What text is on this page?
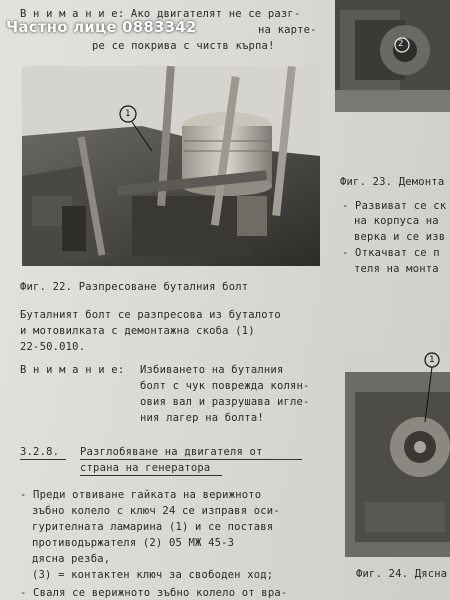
В н и м а н и е: Ако двигателят не се разг-
на картe-
рe се покрива с чиств кърпа!
Частно лице 0883342
2
1
Фиг. 22. Разпресоване буталния болт
Фиг. 23. Демонта
- Развиват се ск
на корпуса на
верка и се изв
- Откачват се п
теля на монта
Буталният болт се разпресова из буталото
и мотовилката с демонтажна скоба (1)
22-50.010.
В н и м а н и е: Избиването на буталния
болт с чук поврежда колян-
овия вал и разрушава игле-
ния лагер на болта!
3.2.8. Разглобяване на двигателя от
страна на генератора
- Преди отвиване гайката на верижното
зъбно колело с ключ 24 се изправя оси-
гурителната ламарина (1) и се поставя
противодържателя (2) 05 МЖ 45-3
дясна резба,
(3) = контактен ключ за свободен ход;
- Сваля се верижното зъбно колело от вра-
1
Фиг. 24. Дясна
